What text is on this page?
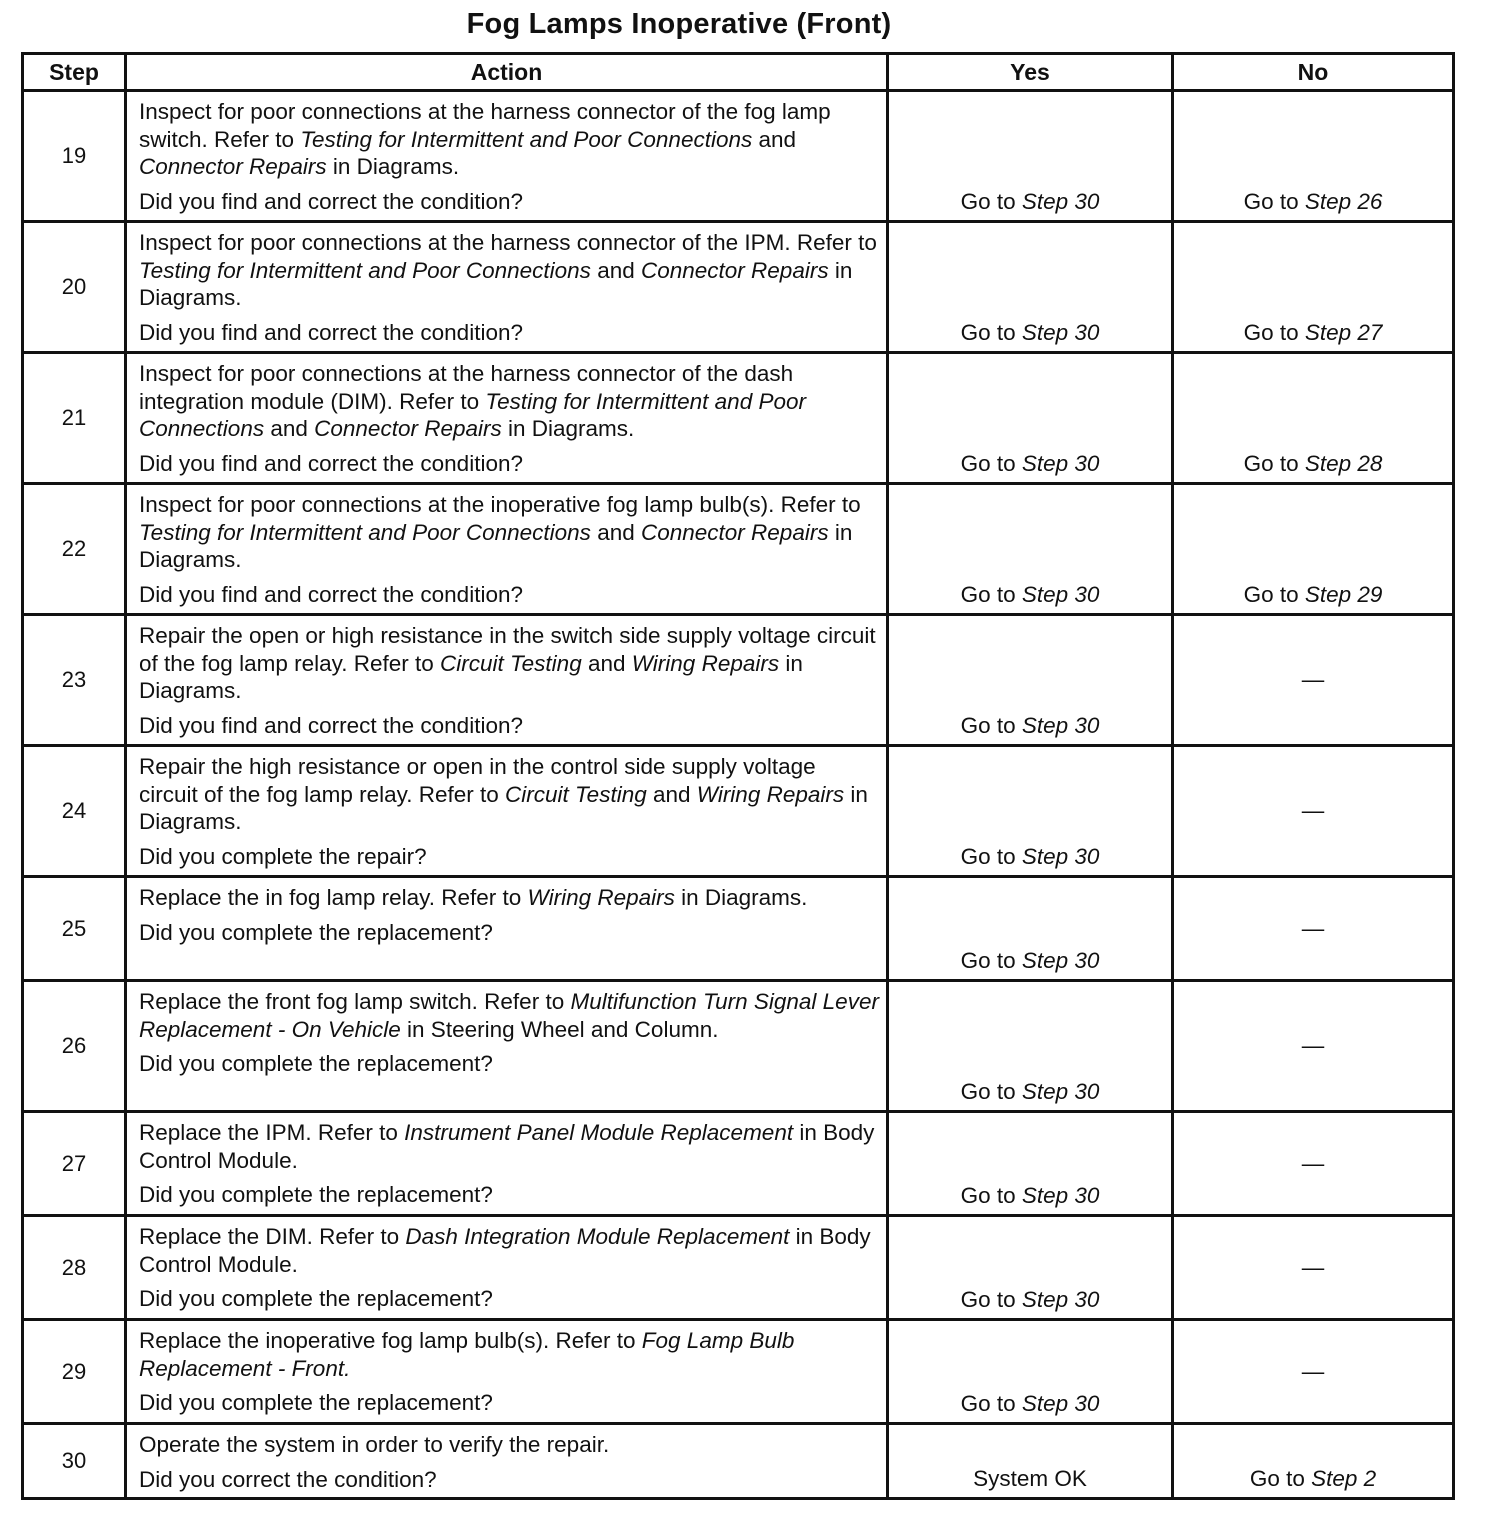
Fog Lamps Inoperative (Front)
Step	Action	Yes	No
19	Inspect for poor connections at the harness connector of the fog lamp switch. Refer to Testing for Intermittent and Poor Connections and Connector Repairs in Diagrams.
Did you find and correct the condition?	Go to Step 30	Go to Step 26
20	Inspect for poor connections at the harness connector of the IPM. Refer to Testing for Intermittent and Poor Connections and Connector Repairs in Diagrams.
Did you find and correct the condition?	Go to Step 30	Go to Step 27
21	Inspect for poor connections at the harness connector of the dash integration module (DIM). Refer to Testing for Intermittent and Poor Connections and Connector Repairs in Diagrams.
Did you find and correct the condition?	Go to Step 30	Go to Step 28
22	Inspect for poor connections at the inoperative fog lamp bulb(s). Refer to Testing for Intermittent and Poor Connections and Connector Repairs in Diagrams.
Did you find and correct the condition?	Go to Step 30	Go to Step 29
23	Repair the open or high resistance in the switch side supply voltage circuit of the fog lamp relay. Refer to Circuit Testing and Wiring Repairs in Diagrams.
Did you find and correct the condition?	Go to Step 30	—
24	Repair the high resistance or open in the control side supply voltage circuit of the fog lamp relay. Refer to Circuit Testing and Wiring Repairs in Diagrams.
Did you complete the repair?	Go to Step 30	—
25	Replace the in fog lamp relay. Refer to Wiring Repairs in Diagrams.
Did you complete the replacement?	Go to Step 30	—
26	Replace the front fog lamp switch. Refer to Multifunction Turn Signal Lever Replacement - On Vehicle in Steering Wheel and Column.
Did you complete the replacement?	Go to Step 30	—
27	Replace the IPM. Refer to Instrument Panel Module Replacement in Body Control Module.
Did you complete the replacement?	Go to Step 30	—
28	Replace the DIM. Refer to Dash Integration Module Replacement in Body Control Module.
Did you complete the replacement?	Go to Step 30	—
29	Replace the inoperative fog lamp bulb(s). Refer to Fog Lamp Bulb Replacement - Front.
Did you complete the replacement?	Go to Step 30	—
30	Operate the system in order to verify the repair.
Did you correct the condition?	System OK	Go to Step 2
